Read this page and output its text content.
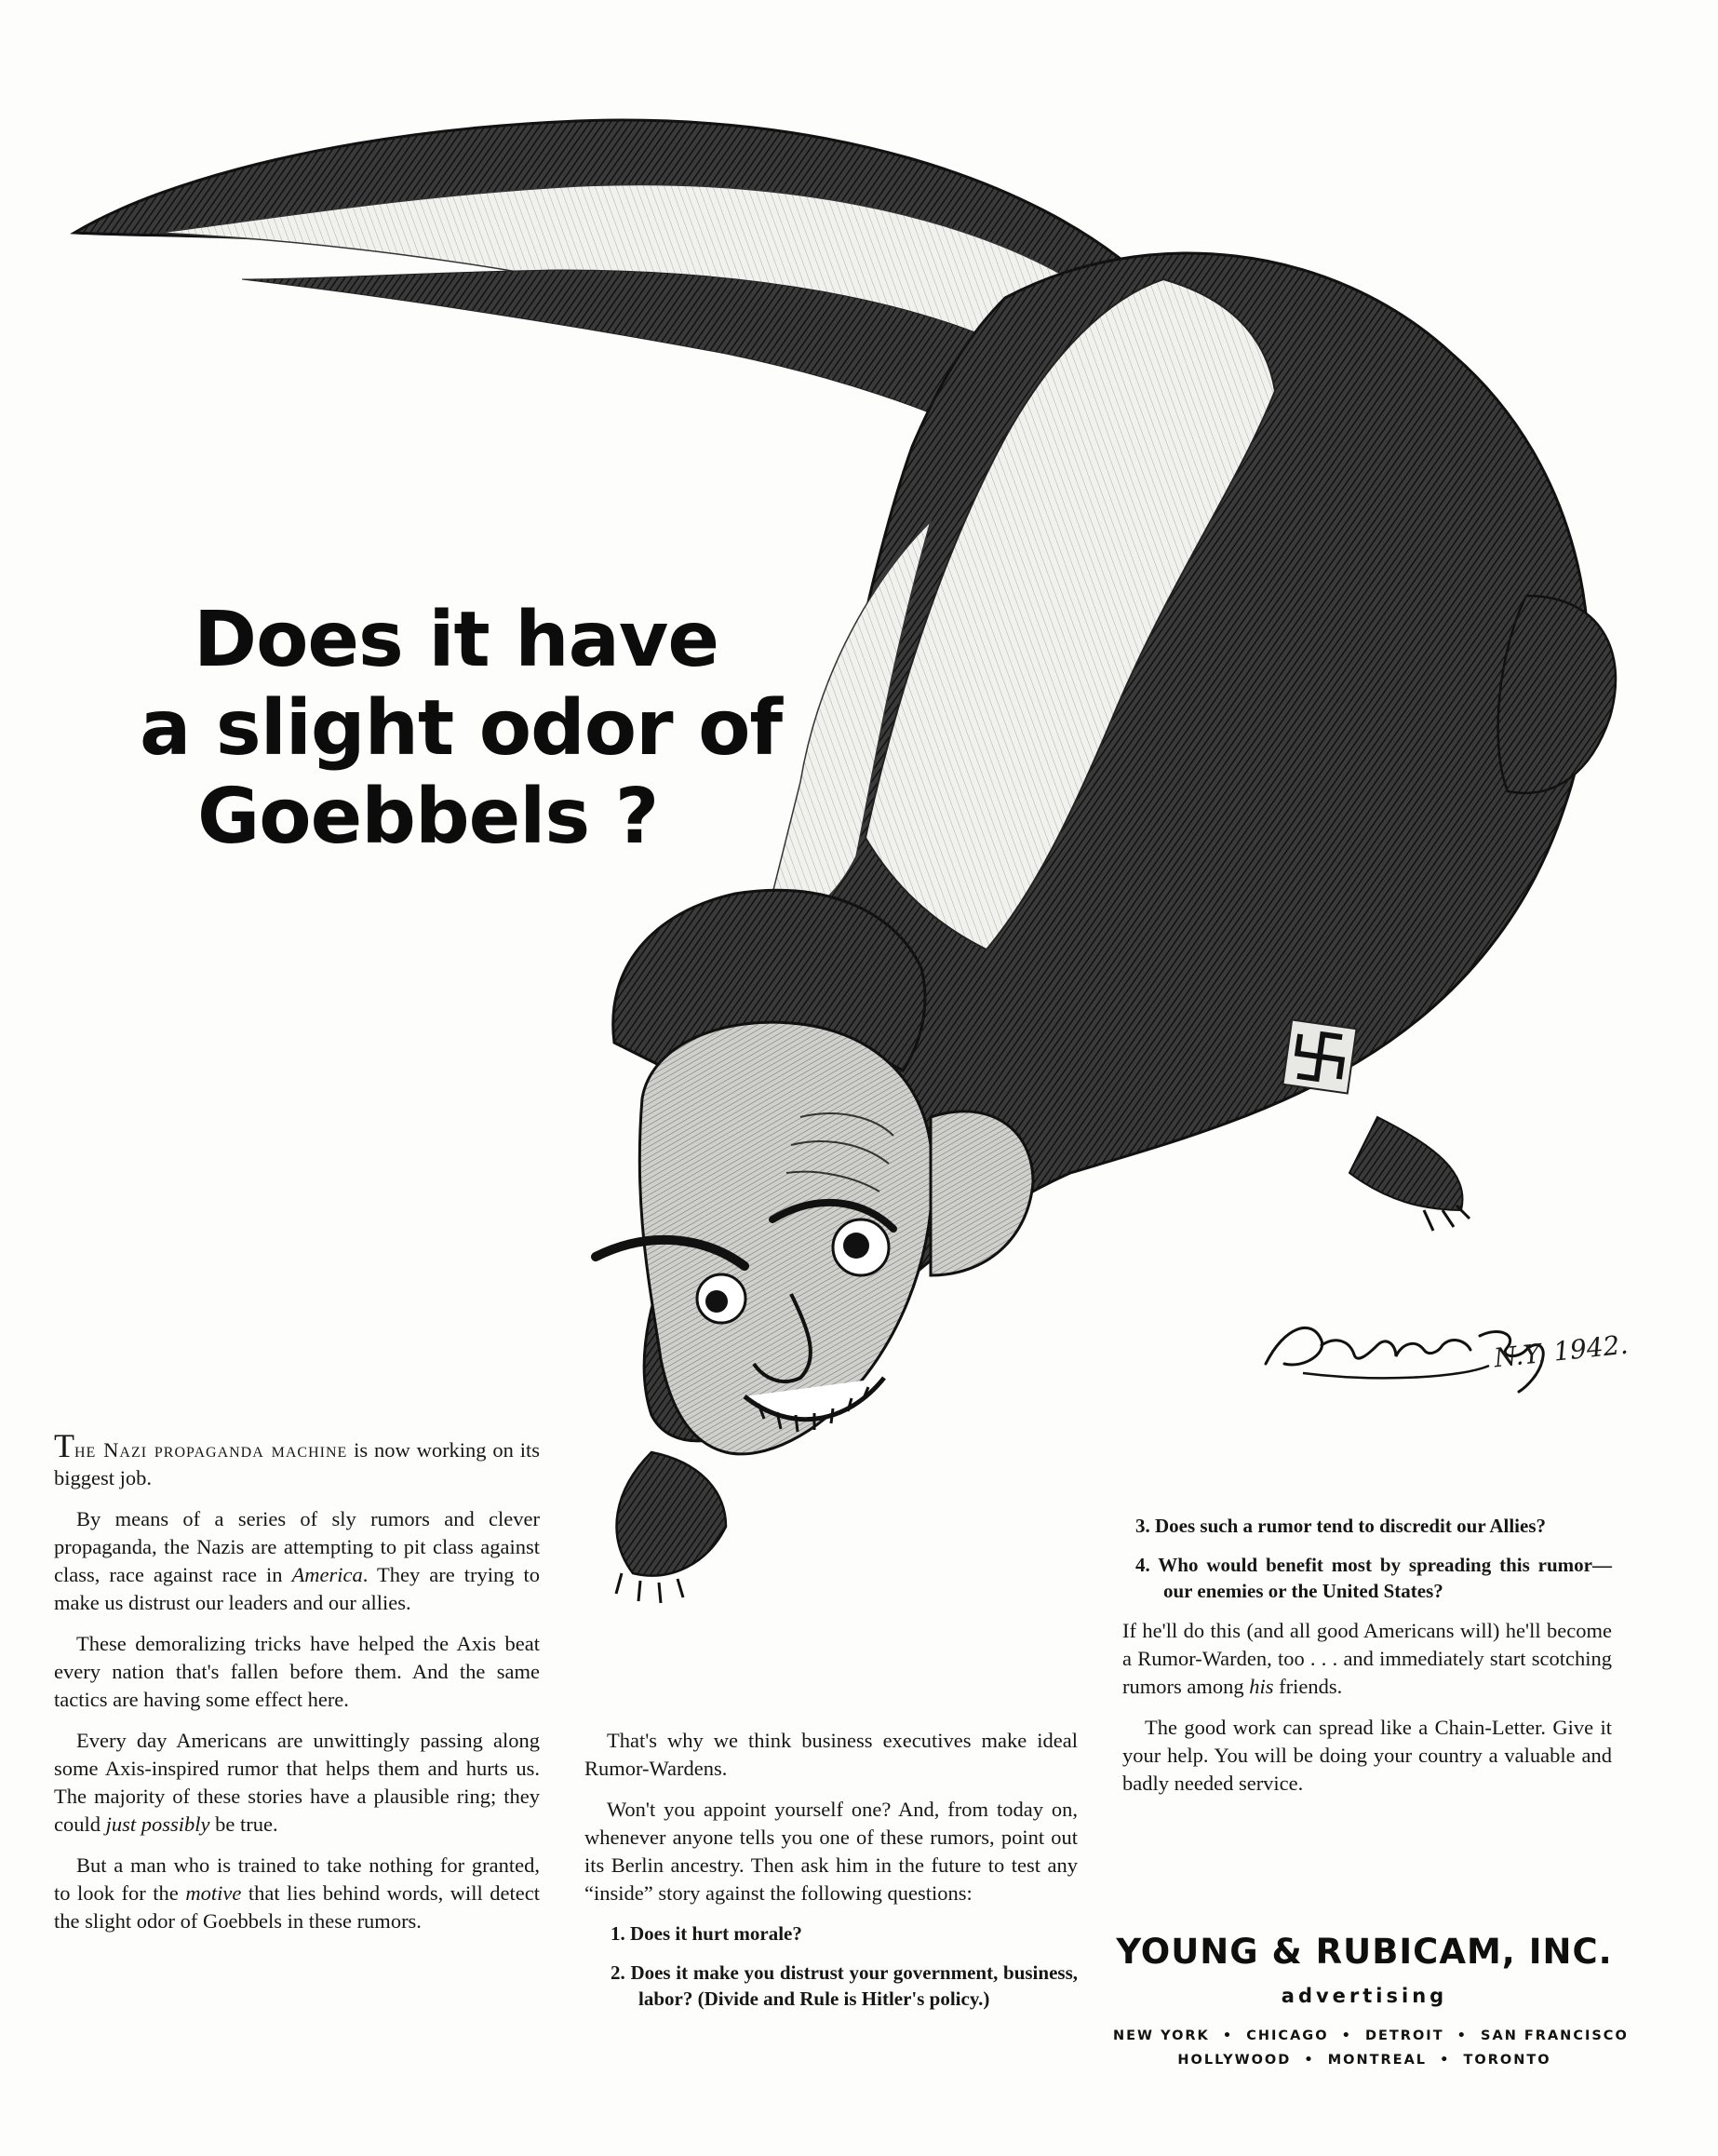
Does it have
a slight odor of
Goebbels ?
N.Y. 1942.

The Nazi propaganda machine is now working on its biggest job.

By means of a series of sly rumors and clever propaganda, the Nazis are attempting to pit class against class, race against race in America. They are trying to make us distrust our leaders and our allies.

These demoralizing tricks have helped the Axis beat every nation that's fallen before them. And the same tactics are having some effect here.

Every day Americans are unwittingly passing along some Axis-inspired rumor that helps them and hurts us. The majority of these stories have a plausible ring; they could just possibly be true.

But a man who is trained to take nothing for granted, to look for the motive that lies behind words, will detect the slight odor of Goebbels in these rumors.

That's why we think business executives make ideal Rumor-Wardens.

Won't you appoint yourself one? And, from today on, whenever anyone tells you one of these rumors, point out its Berlin ancestry. Then ask him in the future to test any “inside” story against the following questions:

1. Does it hurt morale?

2. Does it make you distrust your government, business, labor? (Divide and Rule is Hitler's policy.)

3. Does such a rumor tend to discredit our Allies?

4. Who would benefit most by spreading this rumor—our enemies or the United States?

If he'll do this (and all good Americans will) he'll become a Rumor-Warden, too . . . and immediately start scotching rumors among his friends.

The good work can spread like a Chain-Letter. Give it your help. You will be doing your country a valuable and badly needed service.

YOUNG & RUBICAM, INC.
advertising
NEW YORK  •  CHICAGO  •  DETROIT  •  SAN FRANCISCO
HOLLYWOOD  •  MONTREAL  •  TORONTO
